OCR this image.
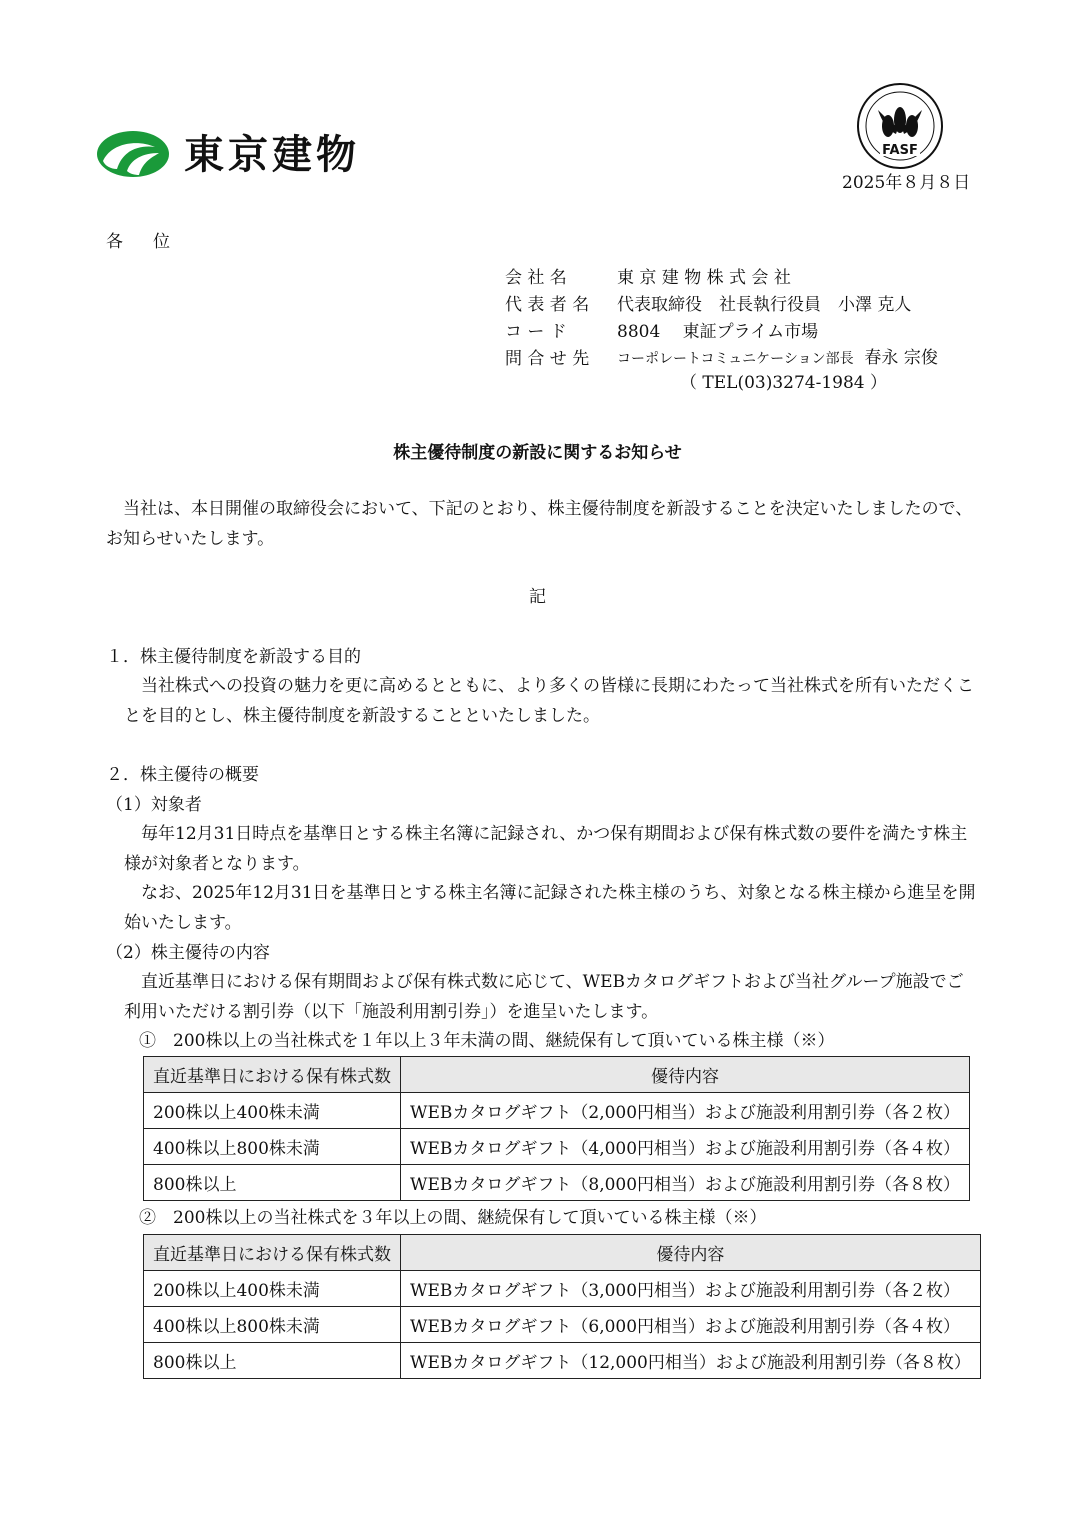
東京建物	FASF
2025年８月８日
各位
会 社 名	東 京 建 物 株 式 会 社
代 表 者 名	代表取締役　社長執行役員　小澤 克人
コ ー ド	8804　 東証プライム市場
問 合 せ 先	コーポレートコミュニケーション部長 春永 宗俊
（ TEL(03)3274-1984 ）
株主優待制度の新設に関するお知らせ
当社は、本日開催の取締役会において、下記のとおり、株主優待制度を新設することを決定いたしましたので、お知らせいたします。
記
１．株主優待制度を新設する目的
当社株式への投資の魅力を更に高めるとともに、より多くの皆様に長期にわたって当社株式を所有いただくことを目的とし、株主優待制度を新設することといたしました。
２．株主優待の概要
（1）対象者
毎年12月31日時点を基準日とする株主名簿に記録され、かつ保有期間および保有株式数の要件を満たす株主様が対象者となります。
なお、2025年12月31日を基準日とする株主名簿に記録された株主様のうち、対象となる株主様から進呈を開始いたします。
（2）株主優待の内容
直近基準日における保有期間および保有株式数に応じて、WEBカタログギフトおよび当社グループ施設でご利用いただける割引券（以下「施設利用割引券」）を進呈いたします。
①　200株以上の当社株式を１年以上３年未満の間、継続保有して頂いている株主様（※）
直近基準日における保有株式数	優待内容
200株以上400株未満	WEBカタログギフト（2,000円相当）および施設利用割引券（各２枚）
400株以上800株未満	WEBカタログギフト（4,000円相当）および施設利用割引券（各４枚）
800株以上	WEBカタログギフト（8,000円相当）および施設利用割引券（各８枚）
②　200株以上の当社株式を３年以上の間、継続保有して頂いている株主様（※）
直近基準日における保有株式数	優待内容
200株以上400株未満	WEBカタログギフト（3,000円相当）および施設利用割引券（各２枚）
400株以上800株未満	WEBカタログギフト（6,000円相当）および施設利用割引券（各４枚）
800株以上	WEBカタログギフト（12,000円相当）および施設利用割引券（各８枚）
